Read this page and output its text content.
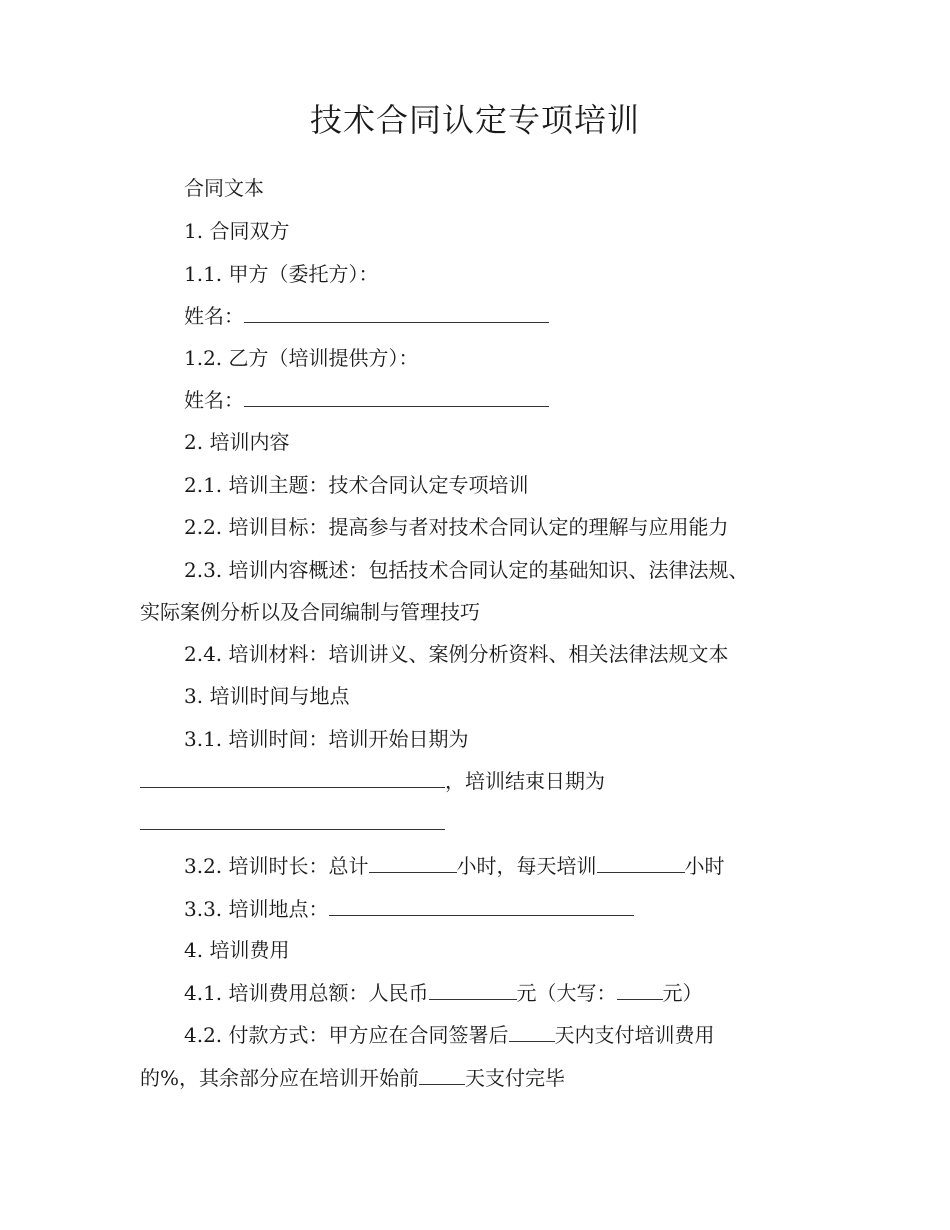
技术合同认定专项培训
合同文本
1. 合同双方
1.1. 甲方（委托方）：
姓名：
1.2. 乙方（培训提供方）：
姓名：
2. 培训内容
2.1. 培训主题：技术合同认定专项培训
2.2. 培训目标：提高参与者对技术合同认定的理解与应用能力
2.3. 培训内容概述：包括技术合同认定的基础知识、法律法规、
实际案例分析以及合同编制与管理技巧
2.4. 培训材料：培训讲义、案例分析资料、相关法律法规文本
3. 培训时间与地点
3.1. 培训时间：培训开始日期为
，培训结束日期为
3.2. 培训时长：总计	小时，每天培训	小时
3.3. 培训地点：
4. 培训费用
4.1. 培训费用总额：人民币	元（大写： 元）
4.2. 付款方式：甲方应在合同签署后 天内支付培训费用
的%，其余部分应在培训开始前 天支付完毕
